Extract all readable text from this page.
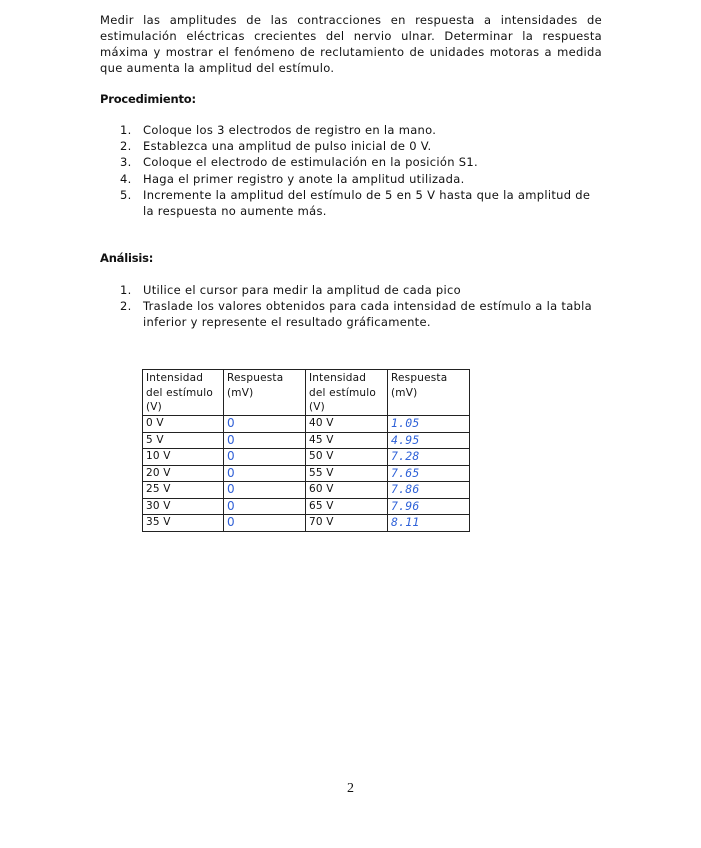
Medir las amplitudes de las contracciones en respuesta a intensidades de estimulación eléctricas crecientes del nervio ulnar. Determinar la respuesta máxima y mostrar el fenómeno de reclutamiento de unidades motoras a medida que aumenta la amplitud del estímulo.

Procedimiento:
1. Coloque los 3 electrodos de registro en la mano.
2. Establezca una amplitud de pulso inicial de 0 V.
3. Coloque el electrodo de estimulación en la posición S1.
4. Haga el primer registro y anote la amplitud utilizada.
5. Incremente la amplitud del estímulo de 5 en 5 V hasta que la amplitud de la respuesta no aumente más.
Análisis:
1. Utilice el cursor para medir la amplitud de cada pico
2. Traslade los valores obtenidos para cada intensidad de estímulo a la tabla inferior y represente el resultado gráficamente.
Intensidad del estímulo (V)	Respuesta (mV)	Intensidad del estímulo (V)	Respuesta (mV)
0 V	0	40 V	1.05
5 V	0	45 V	4.95
10 V	0	50 V	7.28
20 V	0	55 V	7.65
25 V	0	60 V	7.86
30 V	0	65 V	7.96
35 V	0	70 V	8.11
2
